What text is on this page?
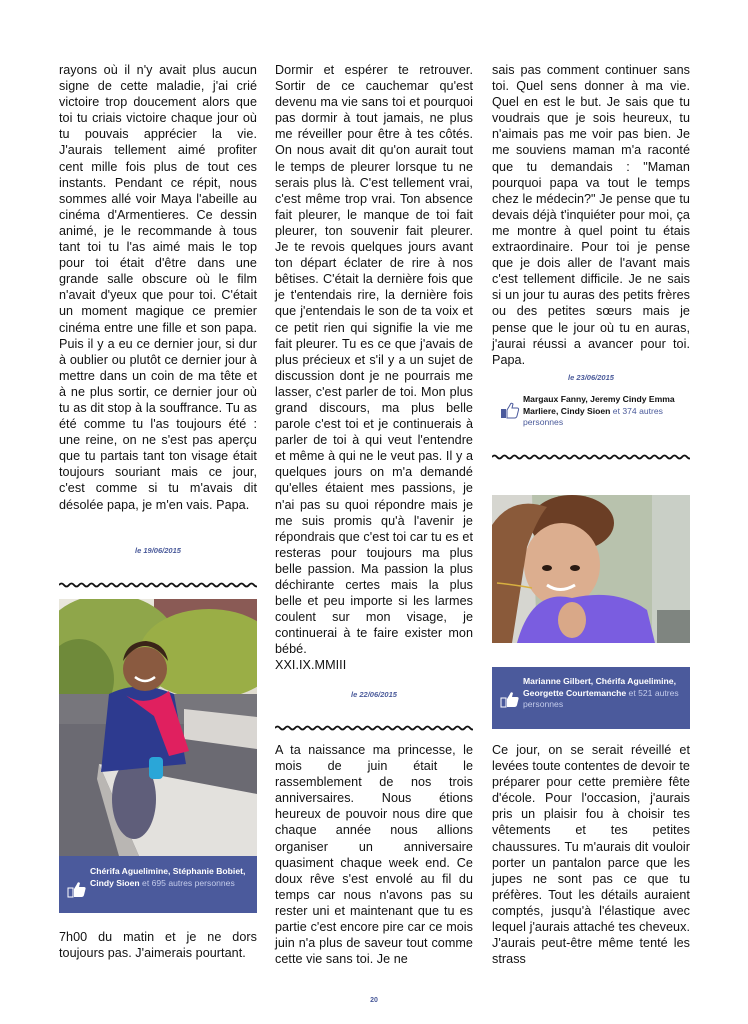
rayons où il n'y avait plus aucun signe de cette maladie, j'ai crié victoire trop doucement alors que toi tu criais victoire chaque jour où tu pouvais apprécier la vie. J'aurais tellement aimé profiter cent mille fois plus de tout ces instants. Pendant ce répit, nous sommes allé voir Maya l'abeille au cinéma d'Armentieres. Ce dessin animé, je le recommande à tous tant toi tu l'as aimé mais le top pour toi était d'être dans une grande salle obscure où le film n'avait d'yeux que pour toi. C'était un moment magique ce premier cinéma entre une fille et son papa. Puis il y a eu ce dernier jour, si dur à oublier ou plutôt ce dernier jour à mettre dans un coin de ma tête et à ne plus sortir, ce dernier jour où tu as dit stop à la souffrance. Tu as été comme tu l'as toujours été : une reine, on ne s'est pas aperçu que tu partais tant ton visage était toujours souriant mais ce jour, c'est comme si tu m'avais dit désolée papa, je m'en vais. Papa.

le 19/06/2015
Chérifa Aguelimine, Stéphanie Bobiet, Cindy Sioen et 695 autres personnes

7h00 du matin et je ne dors toujours pas. J'aimerais pourtant.

Dormir et espérer te retrouver. Sortir de ce cauchemar qu'est devenu ma vie sans toi et pourquoi pas dormir à tout jamais, ne plus me réveiller pour être à tes côtés. On nous avait dit qu'on aurait tout le temps de pleurer lorsque tu ne serais plus là. C'est tellement vrai, c'est même trop vrai. Ton absence fait pleurer, le manque de toi fait pleurer, ton souvenir fait pleurer. Je te revois quelques jours avant ton départ éclater de rire à nos bêtises. C'était la dernière fois que je t'entendais rire, la dernière fois que j'entendais le son de ta voix et ce petit rien qui signifie la vie me fait pleurer. Tu es ce que j'avais de plus précieux et s'il y a un sujet de discussion dont je ne pourrais me lasser, c'est parler de toi. Mon plus grand discours, ma plus belle parole c'est toi et je continuerais à parler de toi à qui veut l'entendre et même à qui ne le veut pas. Il y a quelques jours on m'a demandé qu'elles étaient mes passions, je n'ai pas su quoi répondre mais je me suis promis qu'à l'avenir je répondrais que c'est toi car tu es et resteras pour toujours ma plus belle passion. Ma passion la plus déchirante certes mais la plus belle et peu importe si les larmes coulent sur mon visage, je continuerai à te faire exister mon bébé.

XXI.IX.MMIII

le 22/06/2015

A ta naissance ma princesse, le mois de juin était le rassemblement de nos trois anniversaires. Nous étions heureux de pouvoir nous dire que chaque année nous allions organiser un anniversaire quasiment chaque week end. Ce doux rêve s'est envolé au fil du temps car nous n'avons pas su rester uni et maintenant que tu es partie c'est encore pire car ce mois juin n'a plus de saveur tout comme cette vie sans toi. Je ne

sais pas comment continuer sans toi. Quel sens donner à ma vie. Quel en est le but. Je sais que tu voudrais que je sois heureux, tu n'aimais pas me voir pas bien. Je me souviens maman m'a raconté que tu demandais : "Maman pourquoi papa va tout le temps chez le médecin?" Je pense que tu devais déjà t'inquiéter pour moi, ça me montre à quel point tu étais extraordinaire. Pour toi je pense que je dois aller de l'avant mais c'est tellement difficile. Je ne sais si un jour tu auras des petits frères ou des petites sœurs mais je pense que le jour où tu en auras, j'aurai réussi a avancer pour toi. Papa.

le 23/06/2015
Margaux Fanny, Jeremy Cindy Emma Marliere, Cindy Sioen et 374 autres personnes
Marianne Gilbert, Chérifa Aguelimine, Georgette Courtemanche et 521 autres personnes

Ce jour, on se serait réveillé et levées toute contentes de devoir te préparer pour cette première fête d'école. Pour l'occasion, j'aurais pris un plaisir fou à choisir tes vêtements et tes petites chaussures. Tu m'aurais dit vouloir porter un pantalon parce que les jupes ne sont pas ce que tu préfères. Tout les détails auraient comptés, jusqu'à l'élastique avec lequel j'aurais attaché tes cheveux. J'aurais peut-être même tenté les strass

20
